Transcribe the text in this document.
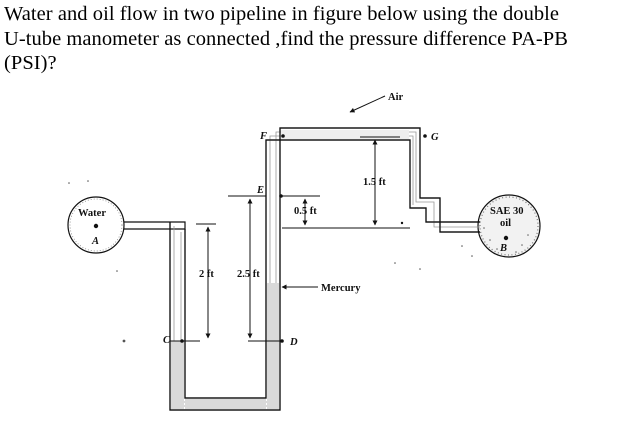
Water and oil flow in two pipeline in figure below using the double
U-tube manometer as connected ,find the pressure difference PA-PB
(PSI)?
Air
Water
A
SAE 30
oil
B
C	D
E
F	G
Mercury
2 ft 2.5 ft
0.5 ft
1.5 ft
